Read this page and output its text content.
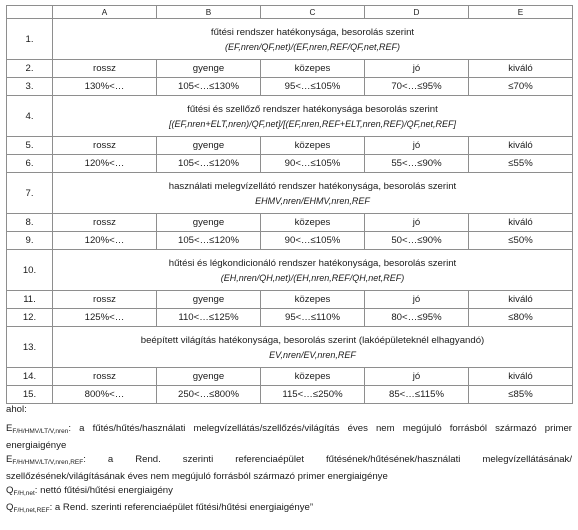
	A	B	C	D	E
1.	fűtési rendszer hatékonysága, besorolás szerint
(EF,nren/QF,net)/(EF,nren,REF/QF,net,REF)				

2.	rossz	gyenge	közepes	jó	kiváló
3.	130%<…	105<…≤130%	95<…≤105%	70<…≤95%	≤70%
4.	fűtési és szellőző rendszer hatékonysága besorolás szerint
[(EF,nren+ELT,nren)/QF,net]/[(EF,nren,REF+ELT,nren,REF)/QF,net,REF]				

5.	rossz	gyenge	közepes	jó	kiváló
6.	120%<…	105<…≤120%	90<…≤105%	55<…≤90%	≤55%
7.	használati melegvízellátó rendszer hatékonysága, besorolás szerint
EHMV,nren/EHMV,nren,REF				

8.	rossz	gyenge	közepes	jó	kiváló
9.	120%<…	105<…≤120%	90<…≤105%	50<…≤90%	≤50%
10.	hűtési és légkondicionáló rendszer hatékonysága, besorolás szerint
(EH,nren/QH,net)/(EH,nren,REF/QH,net,REF)				

11.	rossz	gyenge	közepes	jó	kiváló
12.	125%<…	110<…≤125%	95<…≤110%	80<…≤95%	≤80%
13.	beépített világítás hatékonysága, besorolás szerint (lakóépületeknél elhagyandó)
EV,nren/EV,nren,REF				

14.	rossz	gyenge	közepes	jó	kiváló
15.	800%<…	250<…≤800%	115<…≤250%	85<…≤115%	≤85%

ahol:

$E_{F/H/HMV/LT/V,nren}$: a fűtés/hűtés/használati melegvízellátás/szellőzés/világítás éves nem megújuló forrásból származó primer energiaigénye

$E_{F/H/HMV/LT/V,nren,REF}$: a Rend. szerinti referenciaépület fűtésének/hűtésének/használati melegvízellátásának/ szellőzésének/világításának éves nem megújuló forrásból származó primer energiaigénye

$Q_{F/H,net}$: nettó fűtési/hűtési energiaigény

$Q_{F/H,net,REF}$: a Rend. szerinti referenciaépület fűtési/hűtési energiaigénye”
